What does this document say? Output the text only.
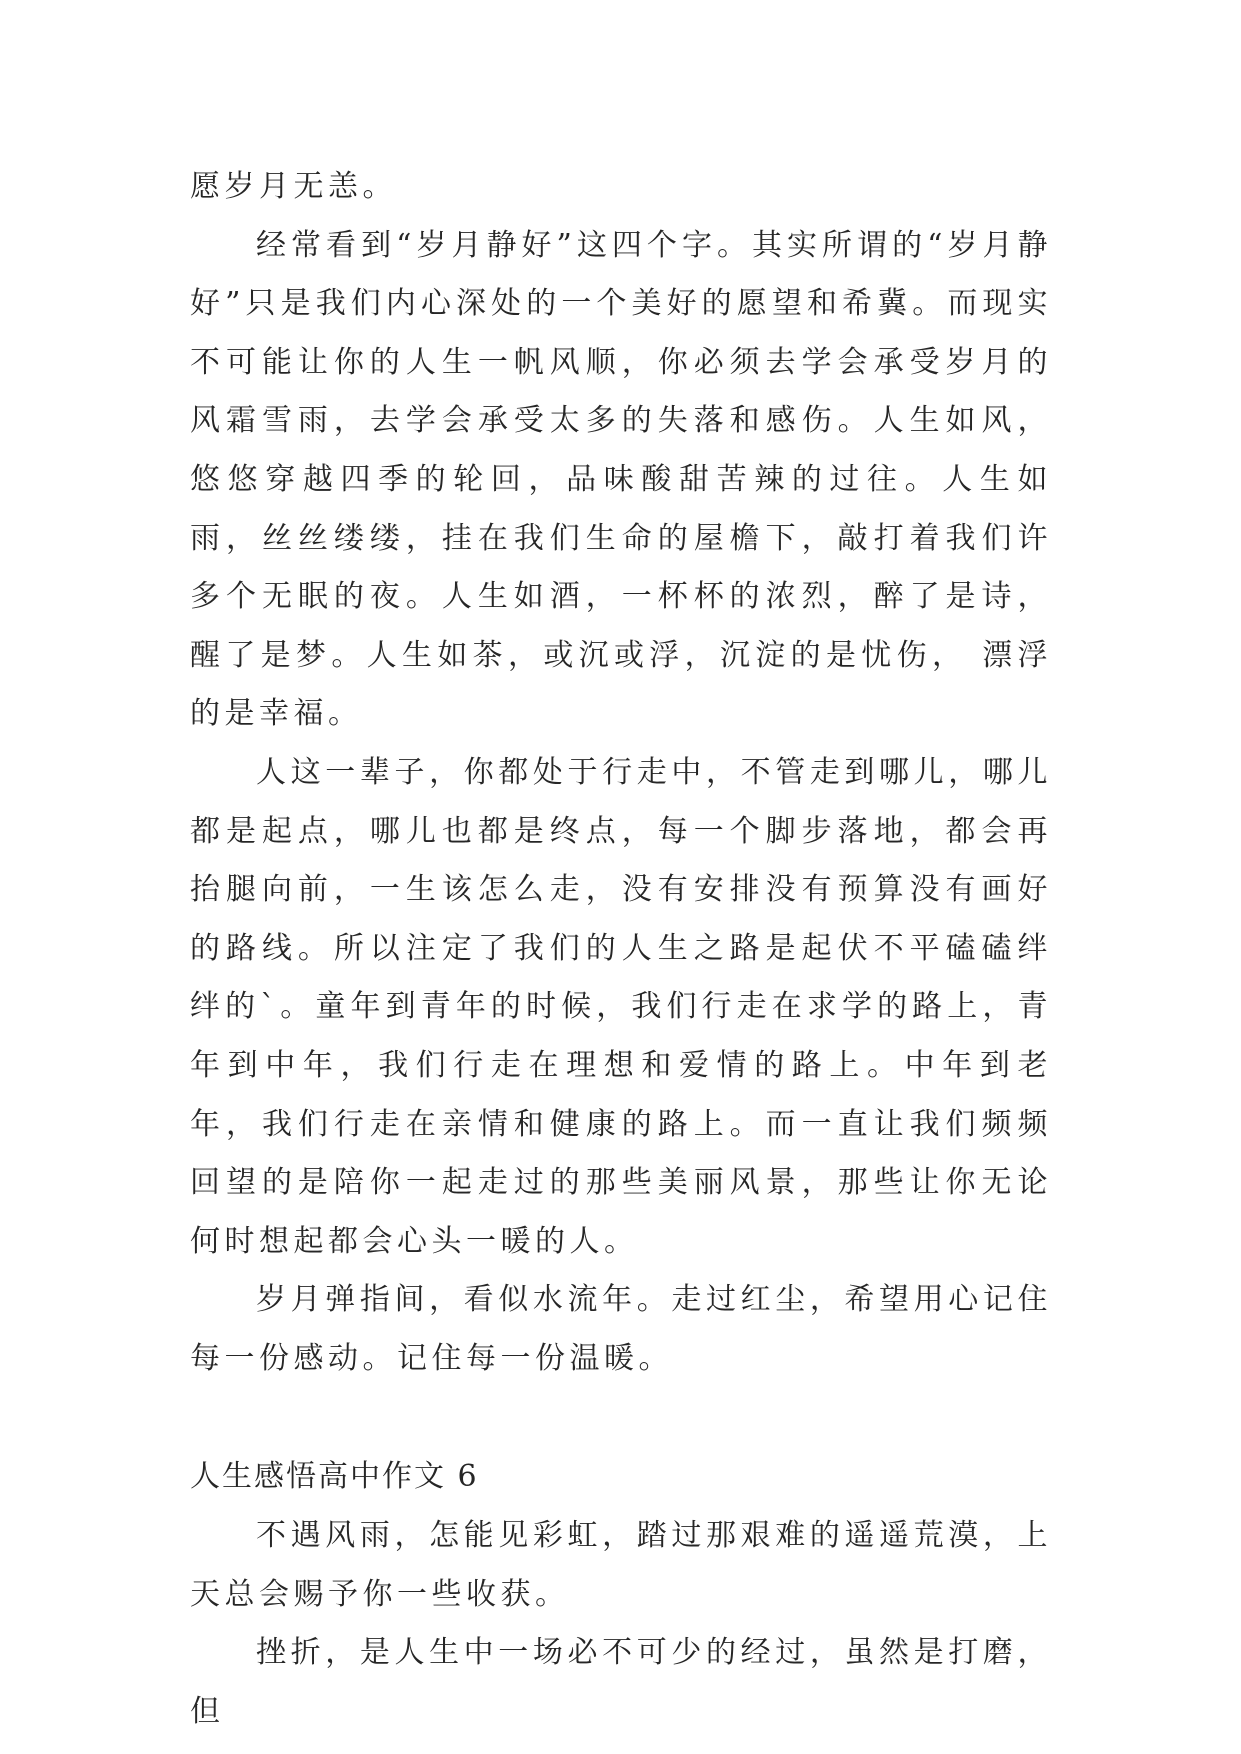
愿岁月无恙。

经常看到“岁月静好”这四个字。其实所谓的“岁月静好”只是我们内心深处的一个美好的愿望和希冀。而现实不可能让你的人生一帆风顺，你必须去学会承受岁月的风霜雪雨，去学会承受太多的失落和感伤。人生如风，悠悠穿越四季的轮回，品味酸甜苦辣的过往。人生如雨，丝丝缕缕，挂在我们生命的屋檐下，敲打着我们许多个无眠的夜。人生如酒，一杯杯的浓烈，醉了是诗，醒了是梦。人生如茶，或沉或浮，沉淀的是忧伤， 漂浮的是幸福。

人这一辈子，你都处于行走中，不管走到哪儿，哪儿都是起点，哪儿也都是终点，每一个脚步落地，都会再抬腿向前，一生该怎么走，没有安排没有预算没有画好的路线。所以注定了我们的人生之路是起伏不平磕磕绊绊的`。童年到青年的时候，我们行走在求学的路上，青年到中年，我们行走在理想和爱情的路上。中年到老年，我们行走在亲情和健康的路上。而一直让我们频频回望的是陪你一起走过的那些美丽风景，那些让你无论何时想起都会心头一暖的人。

岁月弹指间，看似水流年。走过红尘，希望用心记住每一份感动。记住每一份温暖。

人生感悟高中作文 6

不遇风雨，怎能见彩虹，踏过那艰难的遥遥荒漠，上天总会赐予你一些收获。

挫折，是人生中一场必不可少的经过，虽然是打磨，但
